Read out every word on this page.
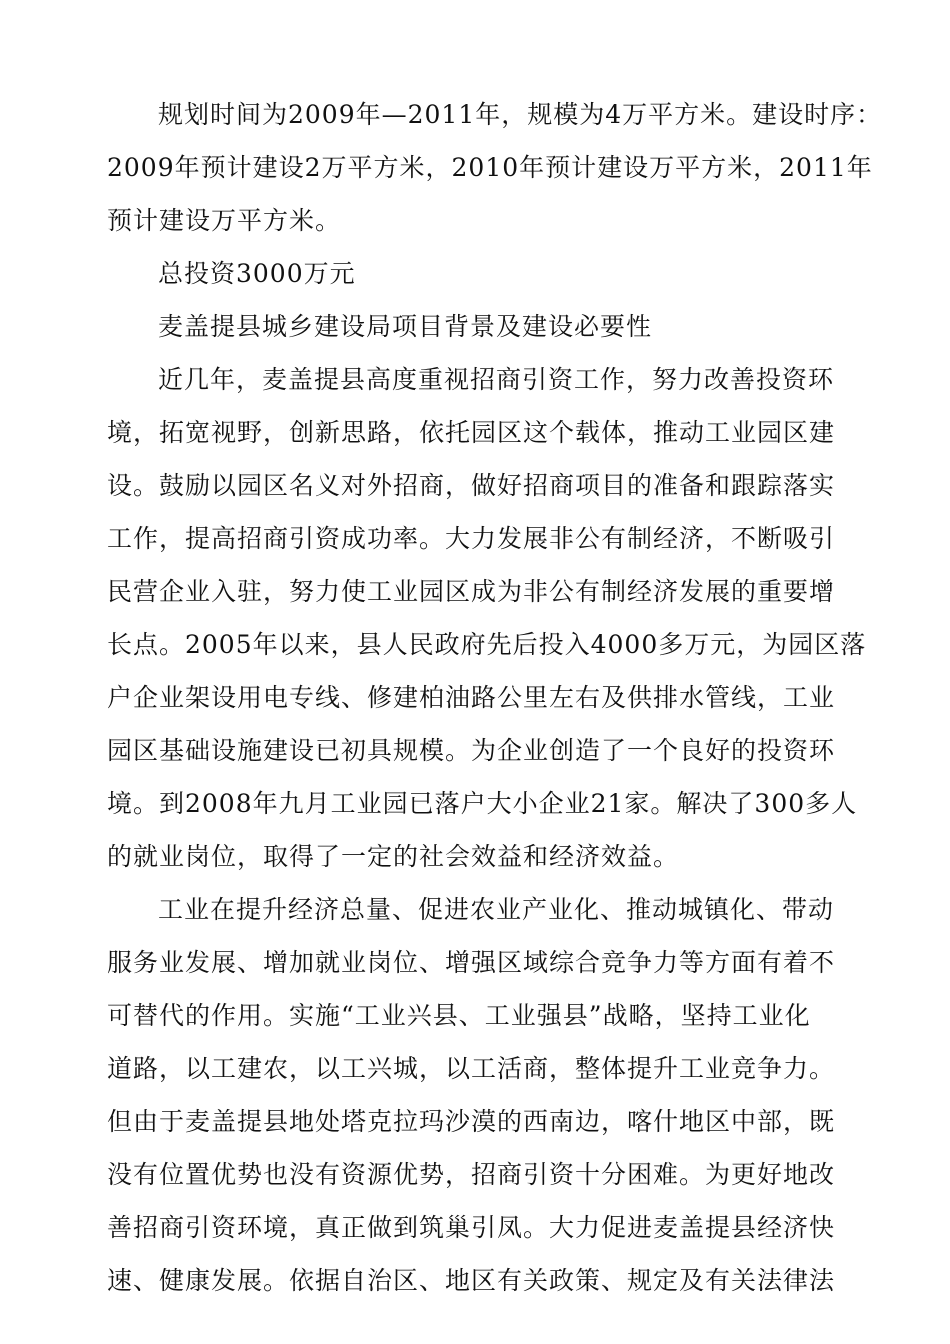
规划时间为2009年—2011年，规模为4万平方米。建设时序：
2009年预计建设2万平方米，2010年预计建设万平方米，2011年
预计建设万平方米。
总投资3000万元
麦盖提县城乡建设局项目背景及建设必要性
近几年，麦盖提县高度重视招商引资工作，努力改善投资环
境，拓宽视野，创新思路，依托园区这个载体，推动工业园区建
设。鼓励以园区名义对外招商，做好招商项目的准备和跟踪落实
工作，提高招商引资成功率。大力发展非公有制经济，不断吸引
民营企业入驻，努力使工业园区成为非公有制经济发展的重要增
长点。2005年以来，县人民政府先后投入4000多万元，为园区落
户企业架设用电专线、修建柏油路公里左右及供排水管线，工业
园区基础设施建设已初具规模。为企业创造了一个良好的投资环
境。到2008年九月工业园已落户大小企业21家。解决了300多人
的就业岗位，取得了一定的社会效益和经济效益。
工业在提升经济总量、促进农业产业化、推动城镇化、带动
服务业发展、增加就业岗位、增强区域综合竞争力等方面有着不
可替代的作用。实施“工业兴县、工业强县”战略，坚持工业化
道路，以工建农，以工兴城，以工活商，整体提升工业竞争力。
但由于麦盖提县地处塔克拉玛沙漠的西南边，喀什地区中部，既
没有位置优势也没有资源优势，招商引资十分困难。为更好地改
善招商引资环境，真正做到筑巢引凤。大力促进麦盖提县经济快
速、健康发展。依据自治区、地区有关政策、规定及有关法律法
